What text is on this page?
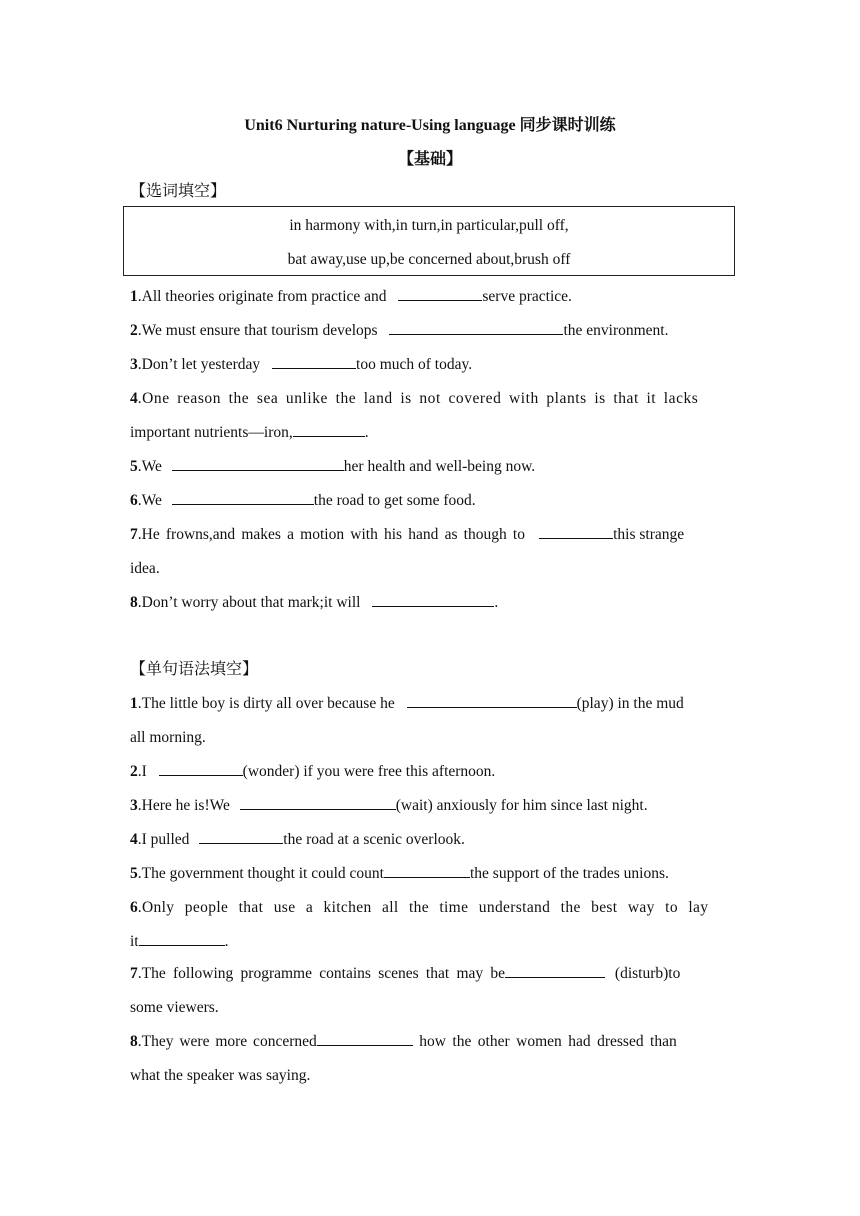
Unit6 Nurturing nature-Using language 同步课时训练
【基础】
【选词填空】
in harmony with,in turn,in particular,pull off,
bat away,use up,be concerned about,brush off
1.All theories originate from practice and	serve practice.
2.We must ensure that tourism develops	the environment.
3.Don’t let yesterday	too much of today.
4.One reason the sea unlike the land is not covered with plants is that it lacks
important nutrients—iron,	.
5.We	her health and well-being now.
6.We	the road to get some food.
7.He frowns,and makes a motion with his hand as though to	this strange
idea.
8.Don’t worry about that mark;it will	.
【单句语法填空】
1.The little boy is dirty all over because he	(play) in the mud
all morning.
2.I	(wonder) if you were free this afternoon.
3.Here he is!We	(wait) anxiously for him since last night.
4.I pulled	the road at a scenic overlook.
5.The government thought it could count	the support of the trades unions.
6.Only people that use a kitchen all the time understand the best way to lay
it	.
7.The following programme contains scenes that may be	(disturb)to
some viewers.
8.They were more concerned	how the other women had dressed than
what the speaker was saying.
